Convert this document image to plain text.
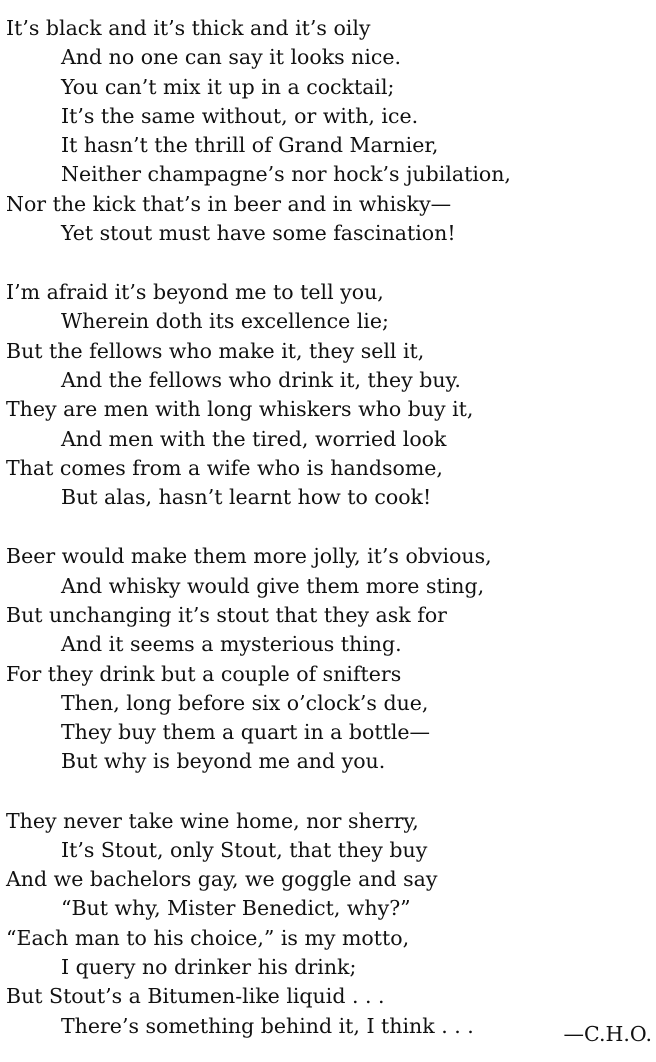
It’s black and it’s thick and it’s oily
And no one can say it looks nice.
You can’t mix it up in a cocktail;
It’s the same without, or with, ice.
It hasn’t the thrill of Grand Marnier,
Neither champagne’s nor hock’s jubilation,
Nor the kick that’s in beer and in whisky—
Yet stout must have some fascination!
I’m afraid it’s beyond me to tell you,
Wherein doth its excellence lie;
But the fellows who make it, they sell it,
And the fellows who drink it, they buy.
They are men with long whiskers who buy it,
And men with the tired, worried look
That comes from a wife who is handsome,
But alas, hasn’t learnt how to cook!
Beer would make them more jolly, it’s obvious,
And whisky would give them more sting,
But unchanging it’s stout that they ask for
And it seems a mysterious thing.
For they drink but a couple of snifters
Then, long before six o’clock’s due,
They buy them a quart in a bottle—
But why is beyond me and you.
They never take wine home, nor sherry,
It’s Stout, only Stout, that they buy
And we bachelors gay, we goggle and say
“But why, Mister Benedict, why?”
“Each man to his choice,” is my motto,
I query no drinker his drink;
But Stout’s a Bitumen-like liquid . . .
There’s something behind it, I think . . .	—C.H.O.
